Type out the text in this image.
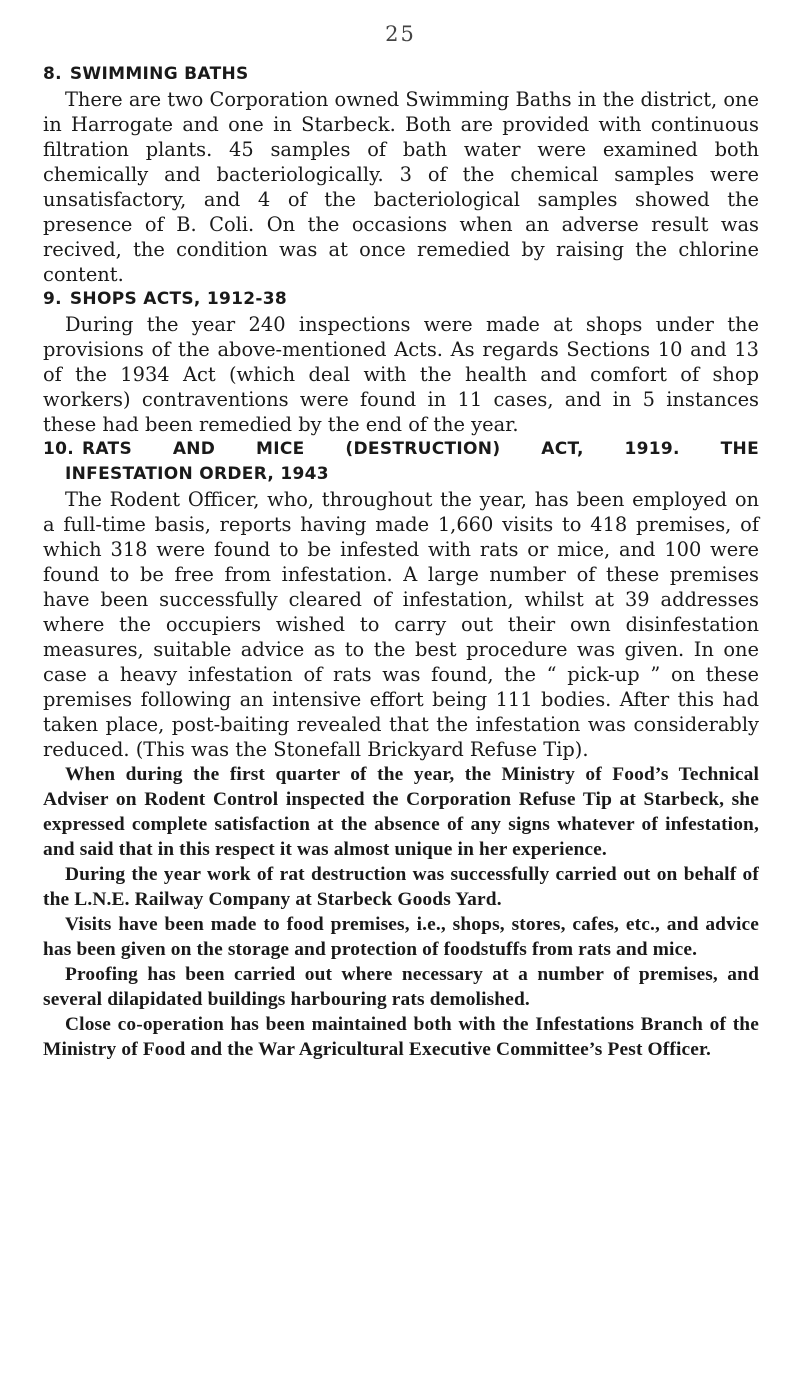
25

8. SWIMMING BATHS

There are two Corporation owned Swimming Baths in the district, one in Harrogate and one in Starbeck. Both are provided with continuous filtration plants. 45 samples of bath water were examined both chemically and bacteriologically. 3 of the chemical samples were unsatisfactory, and 4 of the bacteriological samples showed the presence of B. Coli. On the occasions when an adverse result was recived, the condition was at once remedied by raising the chlorine content.

9. SHOPS ACTS, 1912-38

During the year 240 inspections were made at shops under the provisions of the above-mentioned Acts. As regards Sections 10 and 13 of the 1934 Act (which deal with the health and comfort of shop workers) contraventions were found in 11 cases, and in 5 instances these had been remedied by the end of the year.

10. RATS AND MICE (DESTRUCTION) ACT, 1919. THE

INFESTATION ORDER, 1943

The Rodent Officer, who, throughout the year, has been employed on a full-time basis, reports having made 1,660 visits to 418 premises, of which 318 were found to be infested with rats or mice, and 100 were found to be free from infestation. A large number of these premises have been successfully cleared of infestation, whilst at 39 addresses where the occupiers wished to carry out their own disinfestation measures, suitable advice as to the best procedure was given. In one case a heavy infestation of rats was found, the “ pick-up ” on these premises following an intensive effort being 111 bodies. After this had taken place, post-baiting revealed that the infestation was considerably reduced. (This was the Stonefall Brickyard Refuse Tip).

When during the first quarter of the year, the Ministry of Food’s Technical Adviser on Rodent Control inspected the Corporation Refuse Tip at Starbeck, she expressed complete satisfaction at the absence of any signs whatever of infestation, and said that in this respect it was almost unique in her experience.

During the year work of rat destruction was successfully carried out on behalf of the L.N.E. Railway Company at Starbeck Goods Yard.

Visits have been made to food premises, i.e., shops, stores, cafes, etc., and advice has been given on the storage and protection of foodstuffs from rats and mice.

Proofing has been carried out where necessary at a number of premises, and several dilapidated buildings harbouring rats demolished.

Close co-operation has been maintained both with the Infestations Branch of the Ministry of Food and the War Agricultural Executive Committee’s Pest Officer.
